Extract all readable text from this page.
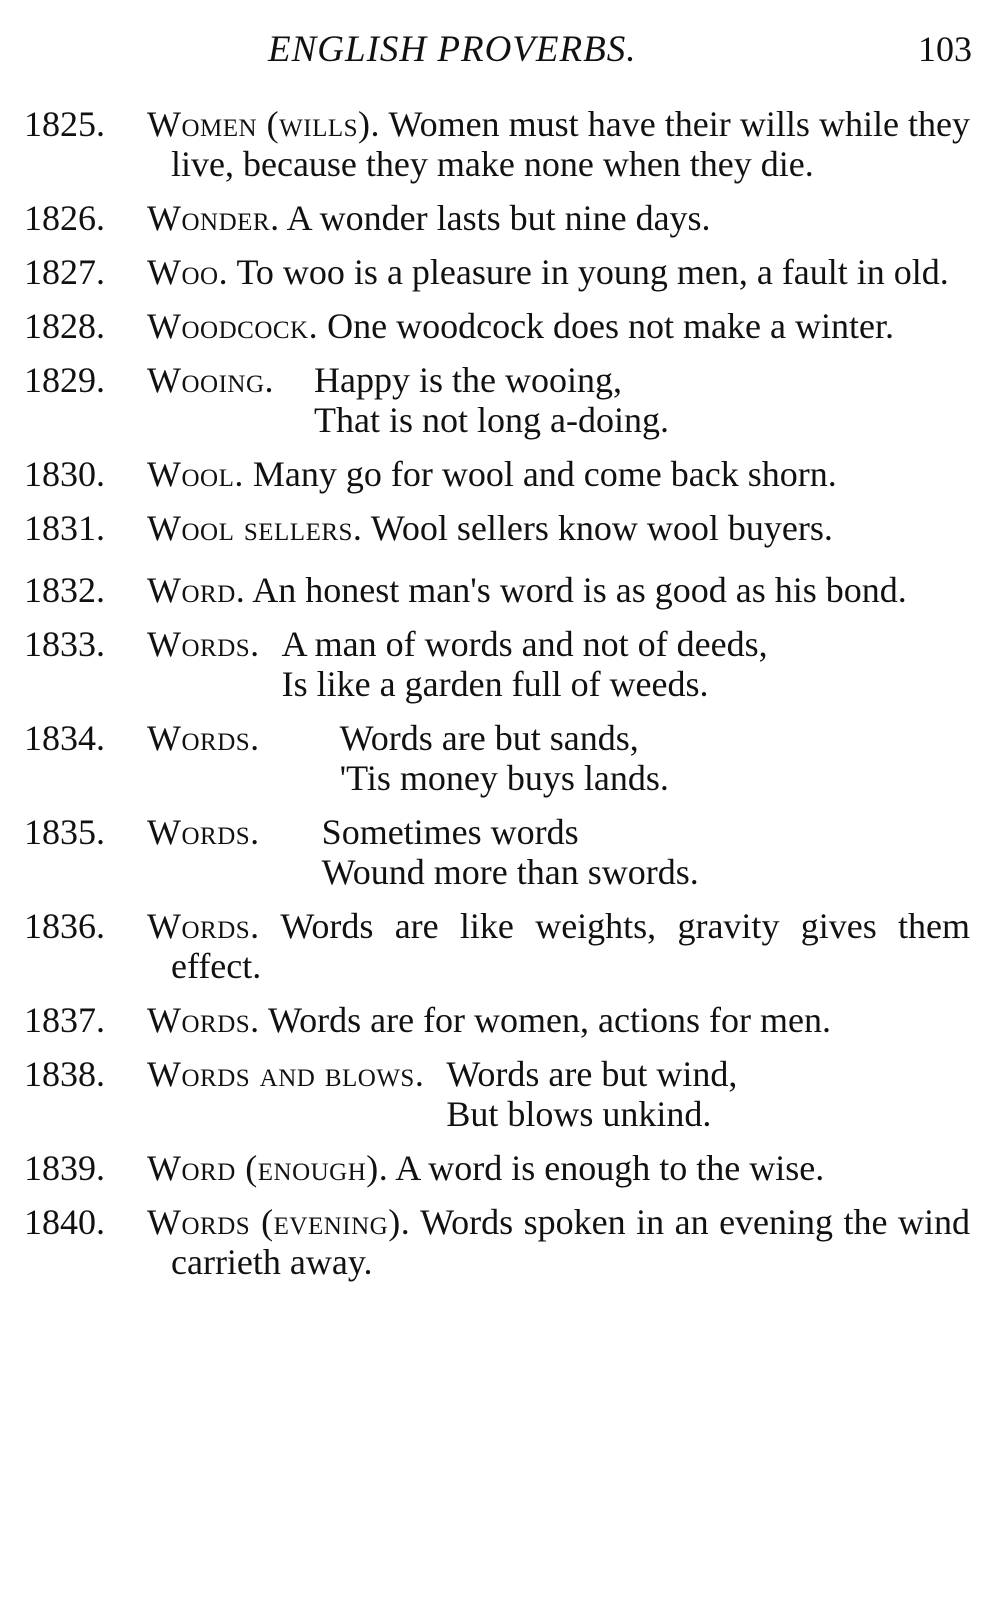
ENGLISH PROVERBS.	103
1825.	Women (wills). Women must have their wills while they live, because they make none when they die.
1826.	Wonder. A wonder lasts but nine days.
1827.	Woo. To woo is a pleasure in young men, a fault in old.
1828.	Woodcock. One woodcock does not make a winter.
1829.	Wooing. Happy is the wooing,
That is not long a-doing.
1830.	Wool. Many go for wool and come back shorn.
1831.	Wool sellers. Wool sellers know wool buyers.
1832.	Word. An honest man's word is as good as his bond.
1833.	Words. A man of words and not of deeds,
Is like a garden full of weeds.
1834.	Words. Words are but sands,
'Tis money buys lands.
1835.	Words. Sometimes words
Wound more than swords.
1836.	Words. Words are like weights, gravity gives them effect.
1837.	Words. Words are for women, actions for men.
1838.	Words and blows. Words are but wind,
But blows unkind.
1839.	Word (enough). A word is enough to the wise.
1840.	Words (evening). Words spoken in an evening the wind carrieth away.
